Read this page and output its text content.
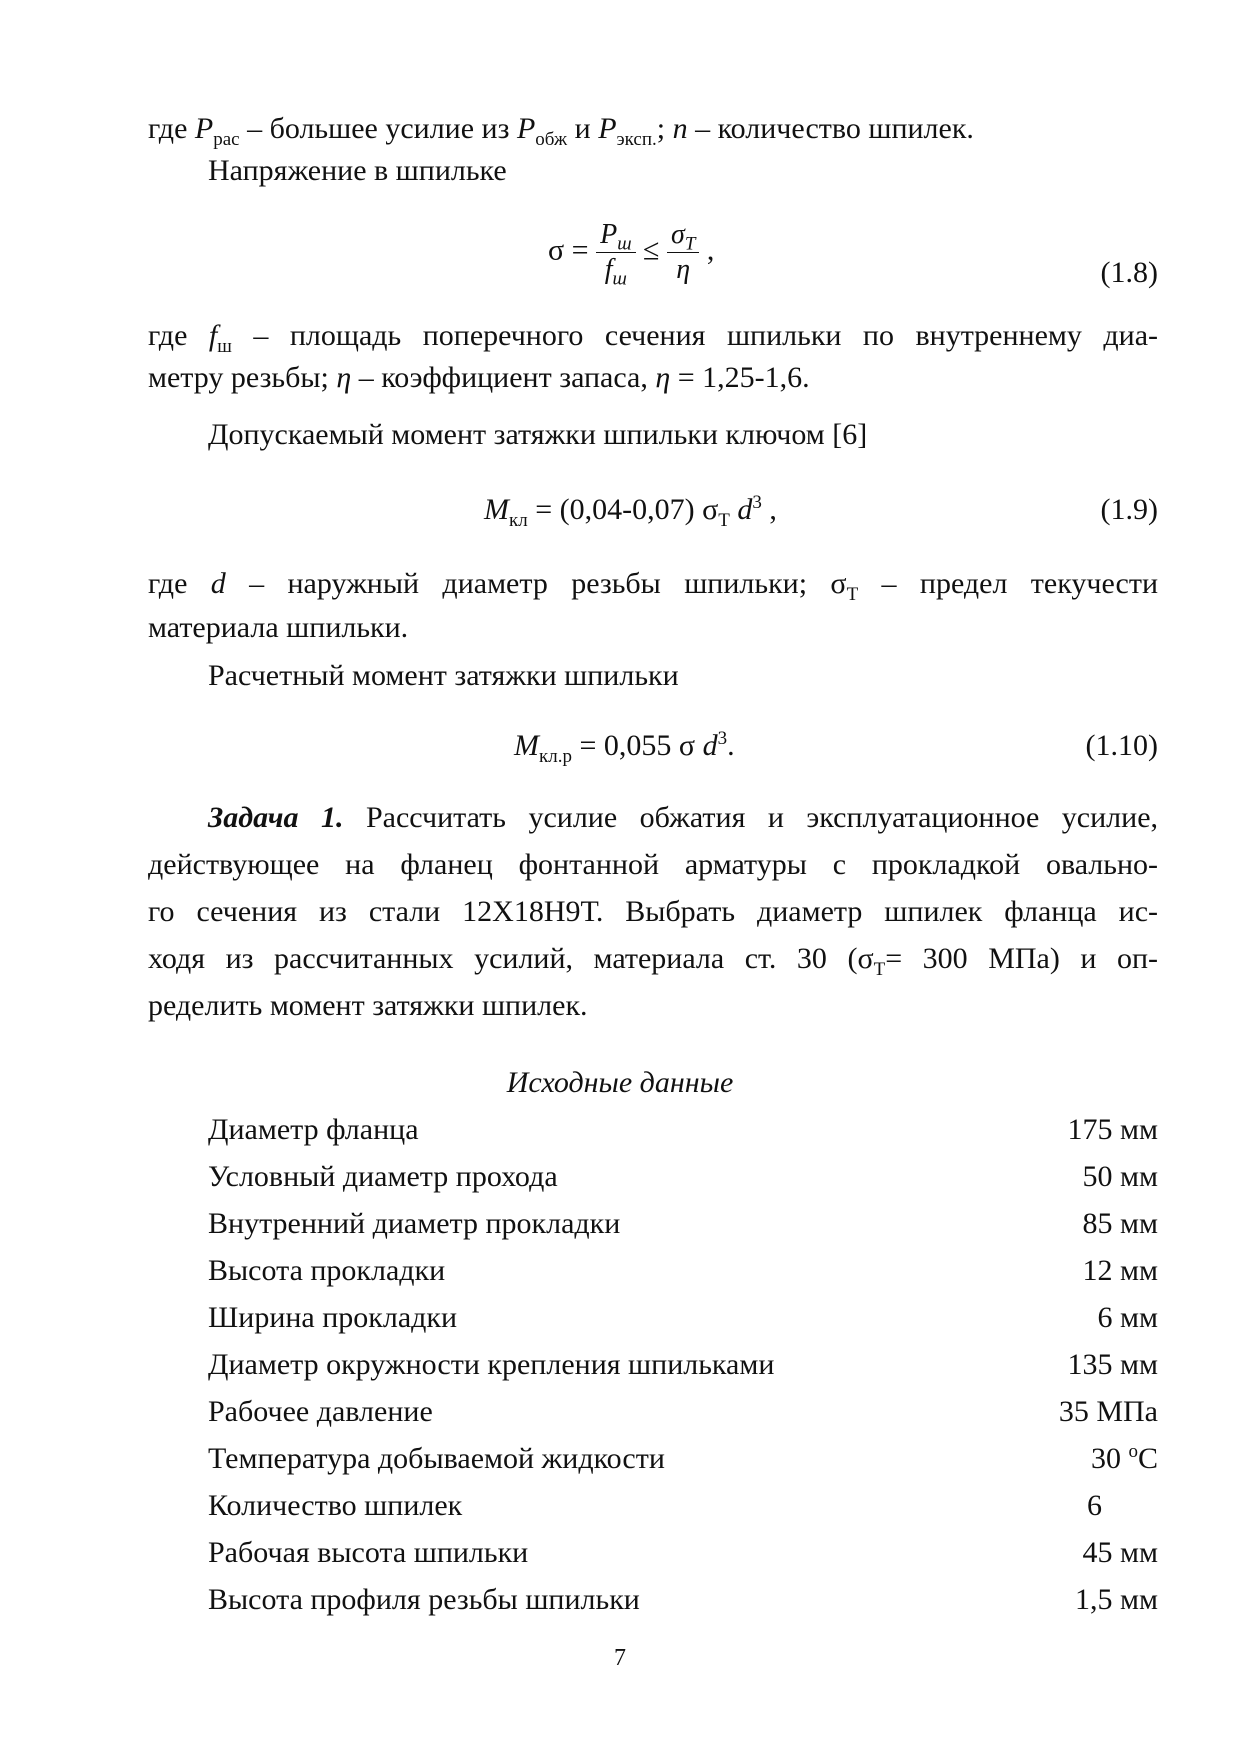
где $P_{рас}$ – большее усилие из $P_{обж}$ и $P_{эксп.}$; n – количество шпилек.
Напряжение в шпильке
$\sigma = \frac{P_ш}{f_ш} \le \frac{\sigma_T}{\eta}$ ,
(1.8)
где $f_ш$ – площадь поперечного сечения шпильки по внутреннему диа-
метру резьбы; η – коэффициент запаса, η = 1,25-1,6.
Допускаемый момент затяжки шпильки ключом [6]
$M_{кл} = (0,04-0,07)$ $\sigma_Т$ $d^3$ ,	(1.9)
где d – наружный диаметр резьбы шпильки; $\sigma_Т$ – предел текучести
материала шпильки.
Расчетный момент затяжки шпильки
$M_{кл.р} = 0,055$ σ $d^3$.	(1.10)
Задача 1. Рассчитать усилие обжатия и эксплуатационное усилие,
действующее на фланец фонтанной арматуры с прокладкой овально-
го сечения из стали 12Х18Н9Т. Выбрать диаметр шпилек фланца ис-
ходя из рассчитанных усилий, материала ст. 30 ($\sigma_Т= 300$ МПа) и оп-
ределить момент затяжки шпилек.
Исходные данные
Диаметр фланца	175 мм
Условный диаметр прохода	50 мм
Внутренний диаметр прокладки	85 мм
Высота прокладки	12 мм
Ширина прокладки	6 мм
Диаметр окружности крепления шпильками	135 мм
Рабочее давление	35 МПа
Температура добываемой жидкости	30 $^o$C
Количество шпилек	6
Рабочая высота шпильки	45 мм
Высота профиля резьбы шпильки	1,5 мм
7
